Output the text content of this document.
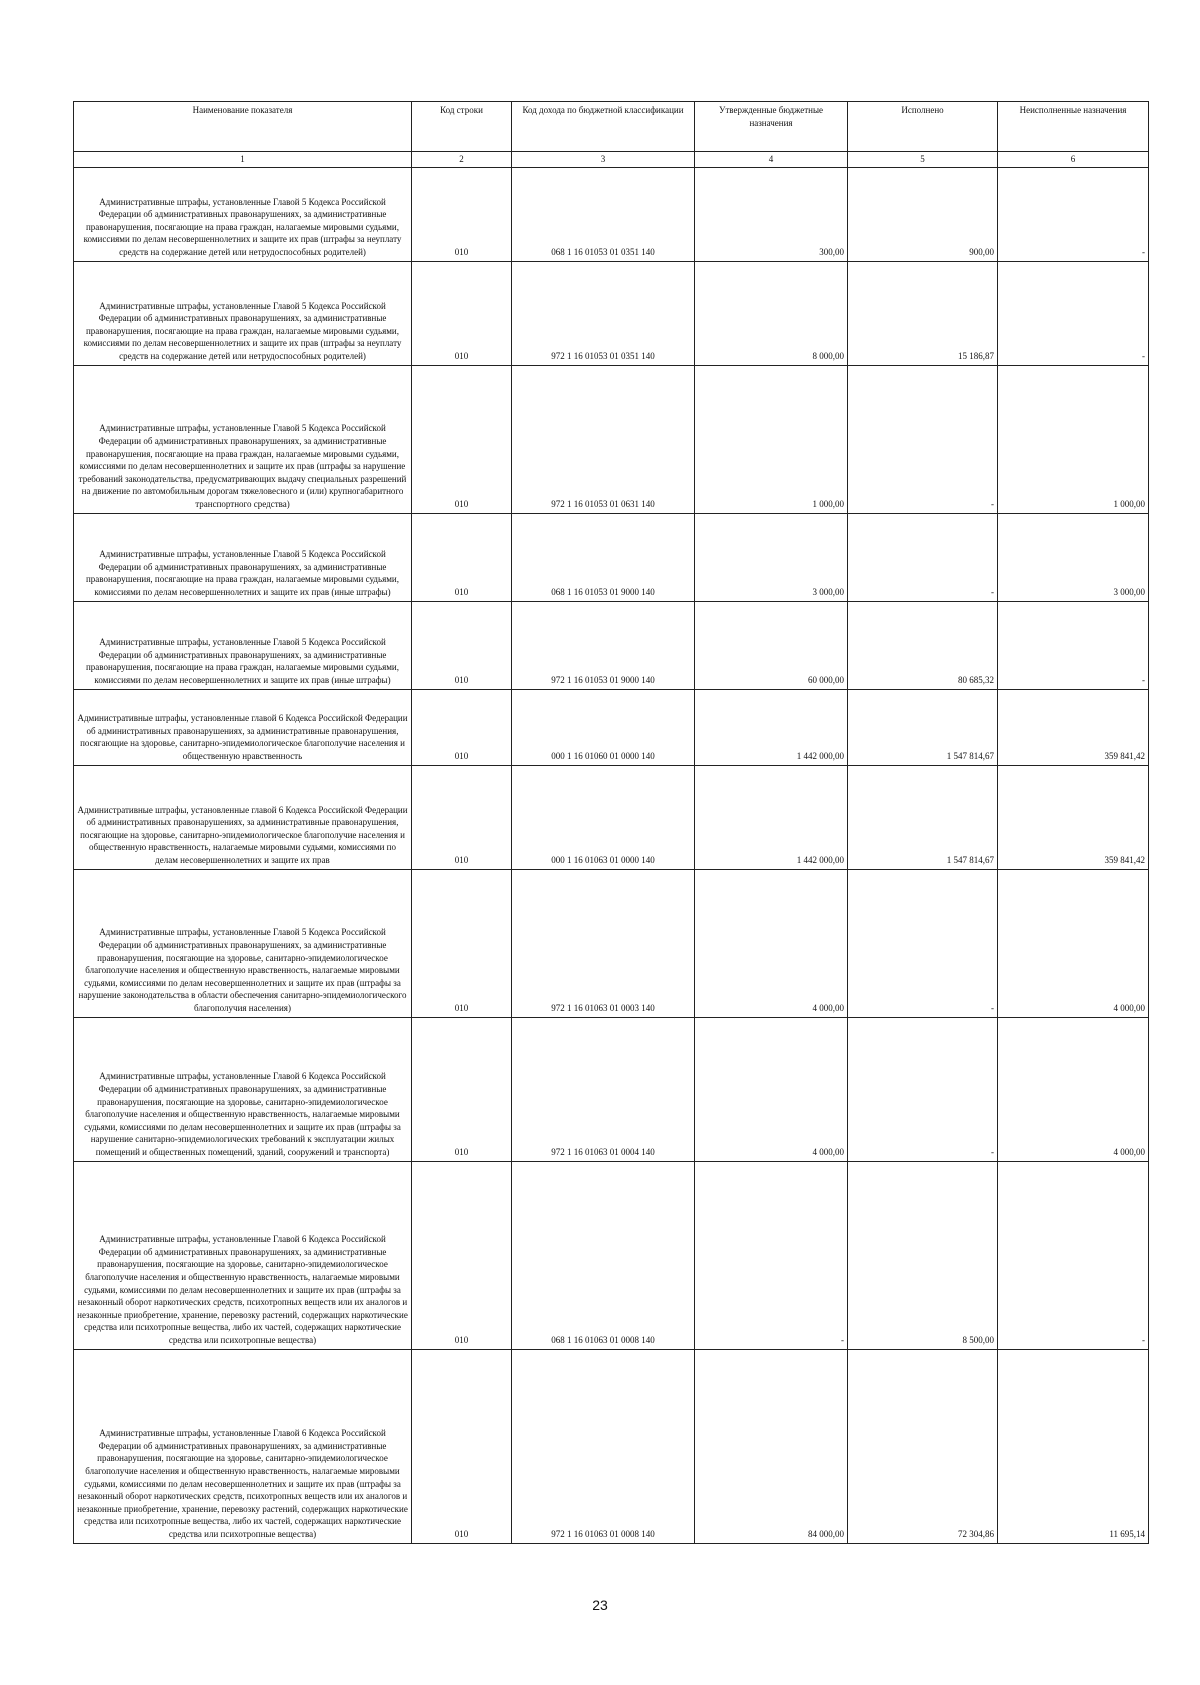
Наименование показателя	Код строки	Код дохода по бюджетной классификации	Утвержденные бюджетные назначения	Исполнено	Неисполненные назначения
1	2	3	4	5	6
Административные штрафы, установленные Главой 5 Кодекса Российской Федерации об административных правонарушениях, за административные правонарушения, посягающие на права граждан, налагаемые мировыми судьями, комиссиями по делам несовершеннолетних и защите их прав (штрафы за неуплату средств на содержание детей или нетрудоспособных родителей)	010	068 1 16 01053 01 0351 140	300,00	900,00	-
Административные штрафы, установленные Главой 5 Кодекса Российской Федерации об административных правонарушениях, за административные правонарушения, посягающие на права граждан, налагаемые мировыми судьями, комиссиями по делам несовершеннолетних и защите их прав (штрафы за неуплату средств на содержание детей или нетрудоспособных родителей)	010	972 1 16 01053 01 0351 140	8 000,00	15 186,87	-
Административные штрафы, установленные Главой 5 Кодекса Российской Федерации об административных правонарушениях, за административные правонарушения, посягающие на права граждан, налагаемые мировыми судьями, комиссиями по делам несовершеннолетних и защите их прав (штрафы за нарушение требований законодательства, предусматривающих выдачу специальных разрешений на движение по автомобильным дорогам тяжеловесного и (или) крупногабаритного транспортного средства)	010	972 1 16 01053 01 0631 140	1 000,00	-	1 000,00
Административные штрафы, установленные Главой 5 Кодекса Российской Федерации об административных правонарушениях, за административные правонарушения, посягающие на права граждан, налагаемые мировыми судьями, комиссиями по делам несовершеннолетних и защите их прав (иные штрафы)	010	068 1 16 01053 01 9000 140	3 000,00	-	3 000,00
Административные штрафы, установленные Главой 5 Кодекса Российской Федерации об административных правонарушениях, за административные правонарушения, посягающие на права граждан, налагаемые мировыми судьями, комиссиями по делам несовершеннолетних и защите их прав (иные штрафы)	010	972 1 16 01053 01 9000 140	60 000,00	80 685,32	-
Административные штрафы, установленные главой 6 Кодекса Российской Федерации об административных правонарушениях, за административные правонарушения, посягающие на здоровье, санитарно-эпидемиологическое благополучие населения и общественную нравственность	010	000 1 16 01060 01 0000 140	1 442 000,00	1 547 814,67	359 841,42
Административные штрафы, установленные главой 6 Кодекса Российской Федерации об административных правонарушениях, за административные правонарушения, посягающие на здоровье, санитарно-эпидемиологическое благополучие населения и общественную нравственность, налагаемые мировыми судьями, комиссиями по делам несовершеннолетних и защите их прав	010	000 1 16 01063 01 0000 140	1 442 000,00	1 547 814,67	359 841,42
Административные штрафы, установленные Главой 5 Кодекса Российской Федерации об административных правонарушениях, за административные правонарушения, посягающие на здоровье, санитарно-эпидемиологическое благополучие населения и общественную нравственность, налагаемые мировыми судьями, комиссиями по делам несовершеннолетних и защите их прав (штрафы за нарушение законодательства в области обеспечения санитарно-эпидемиологического благополучия населения)	010	972 1 16 01063 01 0003 140	4 000,00	-	4 000,00
Административные штрафы, установленные Главой 6 Кодекса Российской Федерации об административных правонарушениях, за административные правонарушения, посягающие на здоровье, санитарно-эпидемиологическое благополучие населения и общественную нравственность, налагаемые мировыми судьями, комиссиями по делам несовершеннолетних и защите их прав (штрафы за нарушение санитарно-эпидемиологических требований к эксплуатации жилых помещений и общественных помещений, зданий, сооружений и транспорта)	010	972 1 16 01063 01 0004 140	4 000,00	-	4 000,00
Административные штрафы, установленные Главой 6 Кодекса Российской Федерации об административных правонарушениях, за административные правонарушения, посягающие на здоровье, санитарно-эпидемиологическое благополучие населения и общественную нравственность, налагаемые мировыми судьями, комиссиями по делам несовершеннолетних и защите их прав (штрафы за незаконный оборот наркотических средств, психотропных веществ или их аналогов и незаконные приобретение, хранение, перевозку растений, содержащих наркотические средства или психотропные вещества, либо их частей, содержащих наркотические средства или психотропные вещества)	010	068 1 16 01063 01 0008 140	-	8 500,00	-
Административные штрафы, установленные Главой 6 Кодекса Российской Федерации об административных правонарушениях, за административные правонарушения, посягающие на здоровье, санитарно-эпидемиологическое благополучие населения и общественную нравственность, налагаемые мировыми судьями, комиссиями по делам несовершеннолетних и защите их прав (штрафы за незаконный оборот наркотических средств, психотропных веществ или их аналогов и незаконные приобретение, хранение, перевозку растений, содержащих наркотические средства или психотропные вещества, либо их частей, содержащих наркотические средства или психотропные вещества)	010	972 1 16 01063 01 0008 140	84 000,00	72 304,86	11 695,14
23
